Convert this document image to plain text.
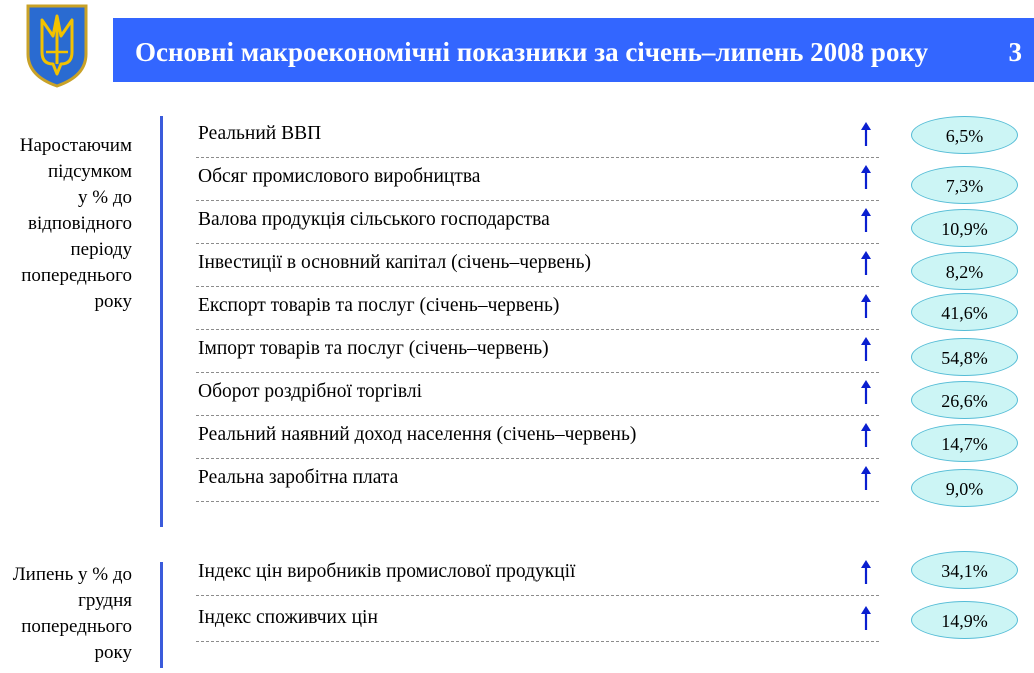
Основні макроекономічні показники за січень–липень 2008 року	3
Наростаючим
підсумком
у % до
відповідного
періоду
попереднього
року
Липень у % до
грудня
попереднього
року
Реальний ВВП
Обсяг промислового виробництва
Валова продукція сільського господарства
Інвестиції в основний капітал (січень–червень)
Експорт товарів та послуг (січень–червень)
Імпорт товарів та послуг (січень–червень)
Оборот роздрібної торгівлі
Реальний наявний доход населення (січень–червень)
Реальна заробітна плата
Індекс цін виробників промислової продукції
Індекс споживчих цін
6,5%
7,3%
10,9%
8,2%
41,6%
54,8%
26,6%
14,7%
9,0%
34,1%
14,9%
